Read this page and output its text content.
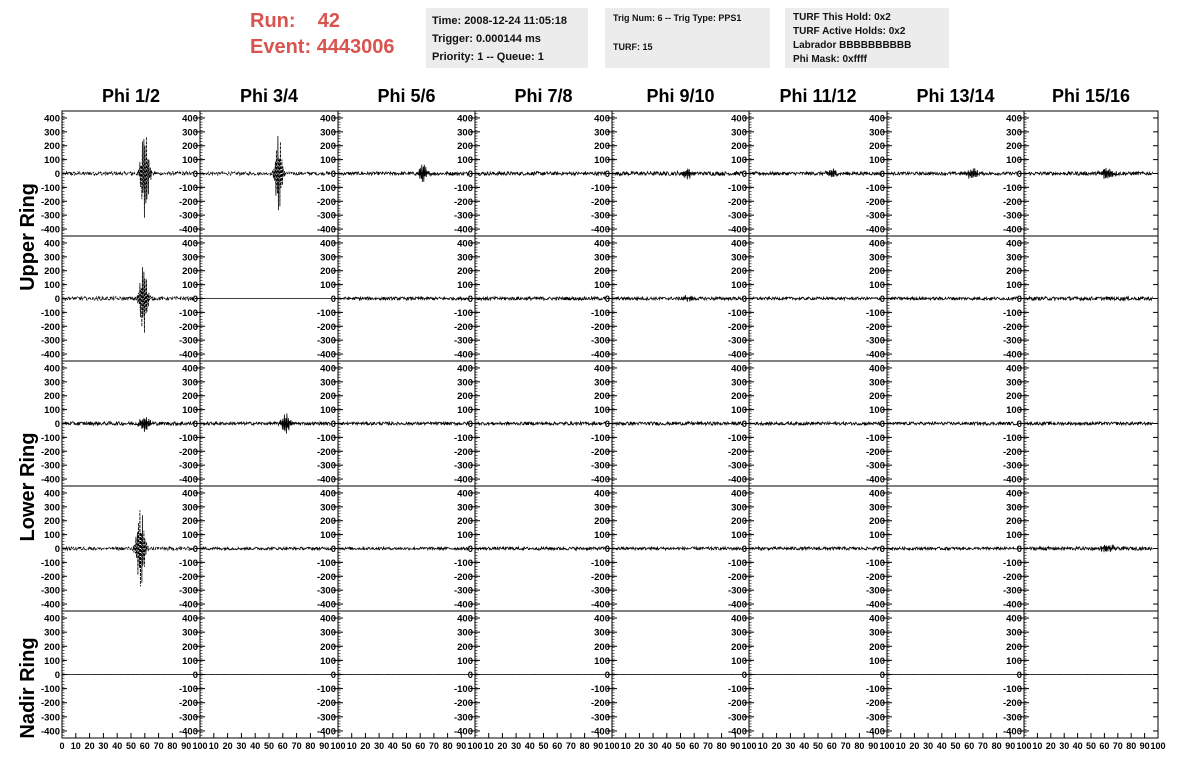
Run: 42
Event: 4443006
Time: 2008-12-24 11:05:18
Trigger: 0.000144 ms
Priority: 1 -- Queue: 1
Trig Num: 6 -- Trig Type: PPS1
TURF: 15
TURF This Hold: 0x2
TURF Active Holds: 0x2
Labrador BBBBBBBBBB
Phi Mask: 0xffff
Phi 1/2	Phi 3/4	Phi 5/6	Phi 7/8	Phi 9/10	Phi 11/12	Phi 13/14	Phi 15/16
Upper Ring
Lower Ring
Nadir Ring
-400
-300
-200
-100
0
100
200
300
400
-400
-300
-200
-100
0
100
200
300
400
-400
-300
-200
-100
0
100
200
300
400
-400
-300
-200
-100
0
100
200
300
400
-400
-300
-200
-100
0
100
200
300
400
-400
-300
-200
-100
0
100
200
300
400
-400
-300
-200
-100
0
100
200
300
400
-400
-300
-200
-100
0
100
200
300
400
-400
-300
-200
-100
0
100
200
300
400
-400
-300
-200
-100
0
100
200
300
400
-400
-300
-200
-100
0
100
200
300
400
-400
-300
-200
-100
0
100
200
300
400
-400
-300
-200
-100
0
100
200
300
400
-400
-300
-200
-100
0
100
200
300
400
-400
-300
-200
-100
0
100
200
300
400
-400
-300
-200
-100
0
100
200
300
400
-400
-300
-200
-100
0
100
200
300
400
-400
-300
-200
-100
0
100
200
300
400
-400
-300
-200
-100
0
100
200
300
400
-400
-300
-200
-100
0
100
200
300
400
-400
-300
-200
-100
0
100
200
300
400
-400
-300
-200
-100
0
100
200
300
400
-400
-300
-200
-100
0
100
200
300
400
-400
-300
-200
-100
0
100
200
300
400
-400
-300
-200
-100
0
100
200
300
400
-400
-300
-200
-100
0
100
200
300
400
-400
-300
-200
-100
0
100
200
300
400
-400
-300
-200
-100
0
100
200
300
400
-400
-300
-200
-100
0
100
200
300
400
-400
-300
-200
-100
0
100
200
300
400
-400
-300
-200
-100
0
100
200
300
400
-400
-300
-200
-100
0
100
200
300
400
-400
-300
-200
-100
0
100
200
300
400
0 10 20 30 40 50 60 70 80 90 100
-400
-300
-200
-100
0
100
200
300
400
10 20 30 40 50 60 70 80 90 100
-400
-300
-200
-100
0
100
200
300
400
10 20 30 40 50 60 70 80 90 100
-400
-300
-200
-100
0
100
200
300
400
10 20 30 40 50 60 70 80 90 100
-400
-300
-200
-100
0
100
200
300
400
10 20 30 40 50 60 70 80 90 100
-400
-300
-200
-100
0
100
200
300
400
10 20 30 40 50 60 70 80 90 100
-400
-300
-200
-100
0
100
200
300
400
10 20 30 40 50 60 70 80 90 100
-400
-300
-200
-100
0
100
200
300
400
10 20 30 40 50 60 70 80 90 100
